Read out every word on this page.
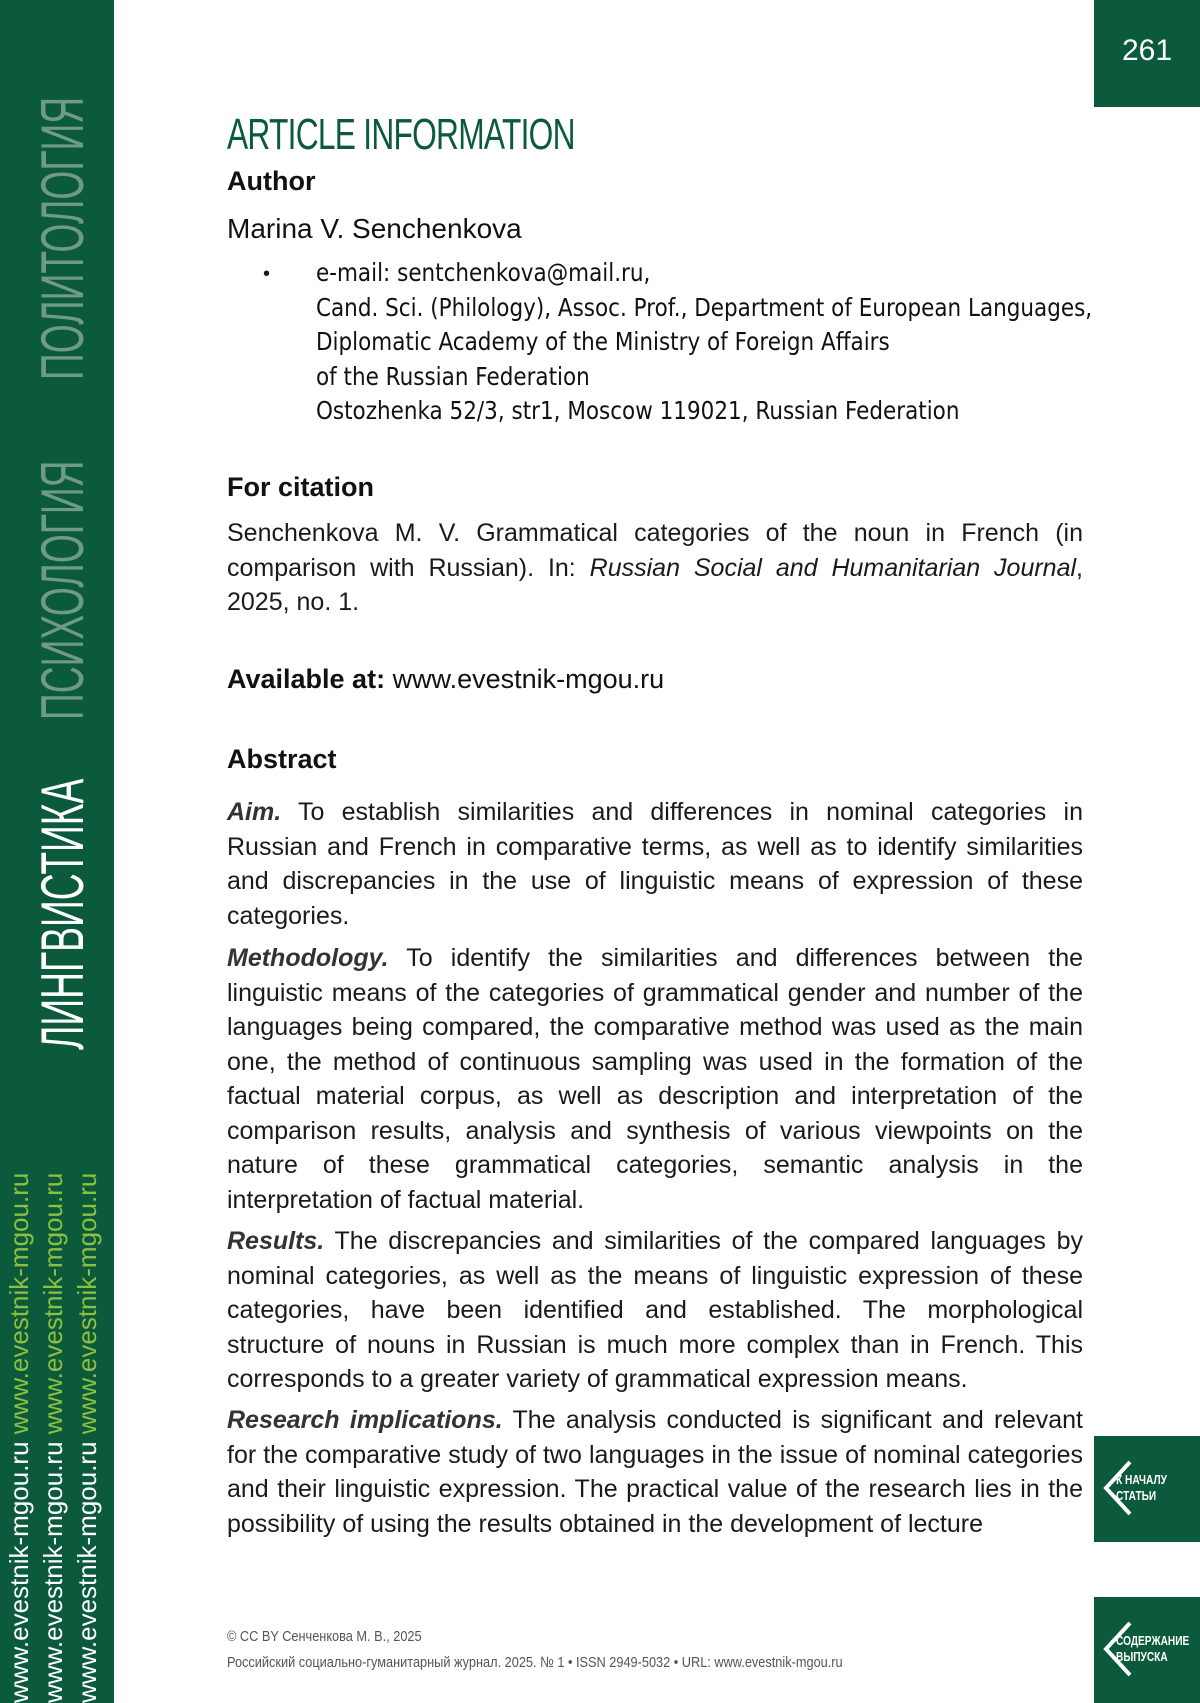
ЛИНГВИСТИКА
ПСИХОЛОГИЯ
ПОЛИТОЛОГИЯ
www.evestnik-mgou.ru www.evestnik-mgou.ru
www.evestnik-mgou.ru www.evestnik-mgou.ru
www.evestnik-mgou.ru www.evestnik-mgou.ru
261
К НАЧАЛУ
СТАТЬИ
СОДЕРЖАНИЕ
ВЫПУСКА
ARTICLE INFORMATION
Author
Marina V. Senchenkova
• e-mail: sentchenkova@mail.ru,
Cand. Sci. (Philology), Assoc. Prof., Department of European Languages,
Diplomatic Academy of the Ministry of Foreign Affairs
of the Russian Federation
Ostozhenka 52/3, str1, Moscow 119021, Russian Federation
For citation
Senchenkova M. V. Grammatical categories of the noun in French (in comparison with Russian). In: Russian Social and Humanitarian Journal, 2025, no. 1.
Available at: www.evestnik-mgou.ru
Abstract
Aim. To establish similarities and differences in nominal categories in Russian and French in comparative terms, as well as to identify similarities and discrepancies in the use of linguistic means of expression of these categories.
Methodology. To identify the similarities and differences between the linguistic means of the categories of grammatical gender and number of the languages being compared, the comparative method was used as the main one, the method of continuous sampling was used in the formation of the factual material corpus, as well as description and interpretation of the comparison results, analysis and synthesis of various viewpoints on the nature of these grammatical categories, semantic analysis in the interpretation of factual material.
Results. The discrepancies and similarities of the compared languages by nominal categories, as well as the means of linguistic expression of these categories, have been identified and established. The morphological structure of nouns in Russian is much more complex than in French. This corresponds to a greater variety of grammatical expression means.
Research implications. The analysis conducted is significant and relevant for the comparative study of two languages in the issue of nominal categories and their linguistic expression. The practical value of the research lies in the possibility of using the results obtained in the development of lecture
© CC BY Сенченкова М. В., 2025
Российский социально-гуманитарный журнал. 2025. № 1 • ISSN 2949-5032 • URL: www.evestnik-mgou.ru
